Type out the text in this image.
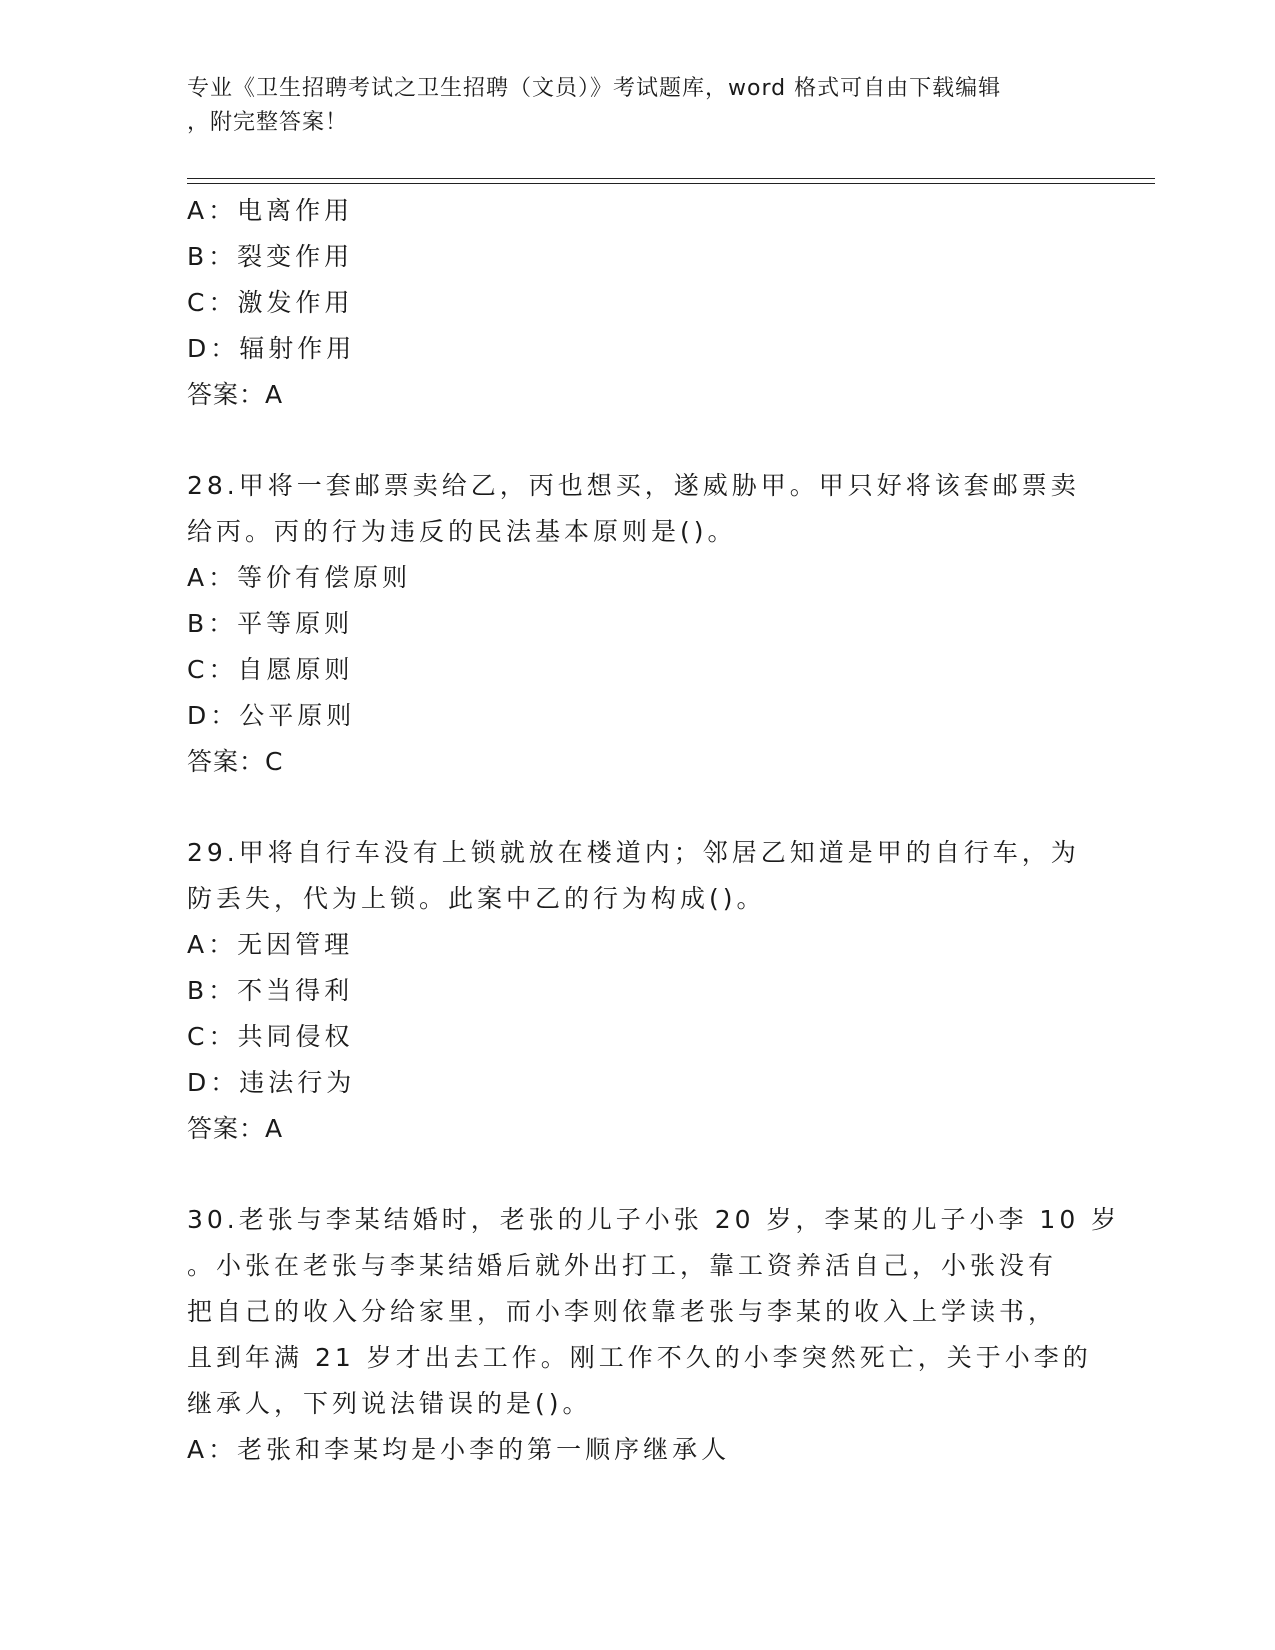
专业《卫生招聘考试之卫生招聘（文员）》考试题库，word 格式可自由下载编辑
，附完整答案！
A：电离作用
B：裂变作用
C：激发作用
D：辐射作用
答案：A
28.甲将一套邮票卖给乙，丙也想买，遂威胁甲。甲只好将该套邮票卖
给丙。丙的行为违反的民法基本原则是()。
A：等价有偿原则
B：平等原则
C：自愿原则
D：公平原则
答案：C
29.甲将自行车没有上锁就放在楼道内；邻居乙知道是甲的自行车，为
防丢失，代为上锁。此案中乙的行为构成()。
A：无因管理
B：不当得利
C：共同侵权
D：违法行为
答案：A
30.老张与李某结婚时，老张的儿子小张 20 岁，李某的儿子小李 10 岁
。小张在老张与李某结婚后就外出打工，靠工资养活自己，小张没有
把自己的收入分给家里，而小李则依靠老张与李某的收入上学读书，
且到年满 21 岁才出去工作。刚工作不久的小李突然死亡，关于小李的
继承人，下列说法错误的是()。
A：老张和李某均是小李的第一顺序继承人
